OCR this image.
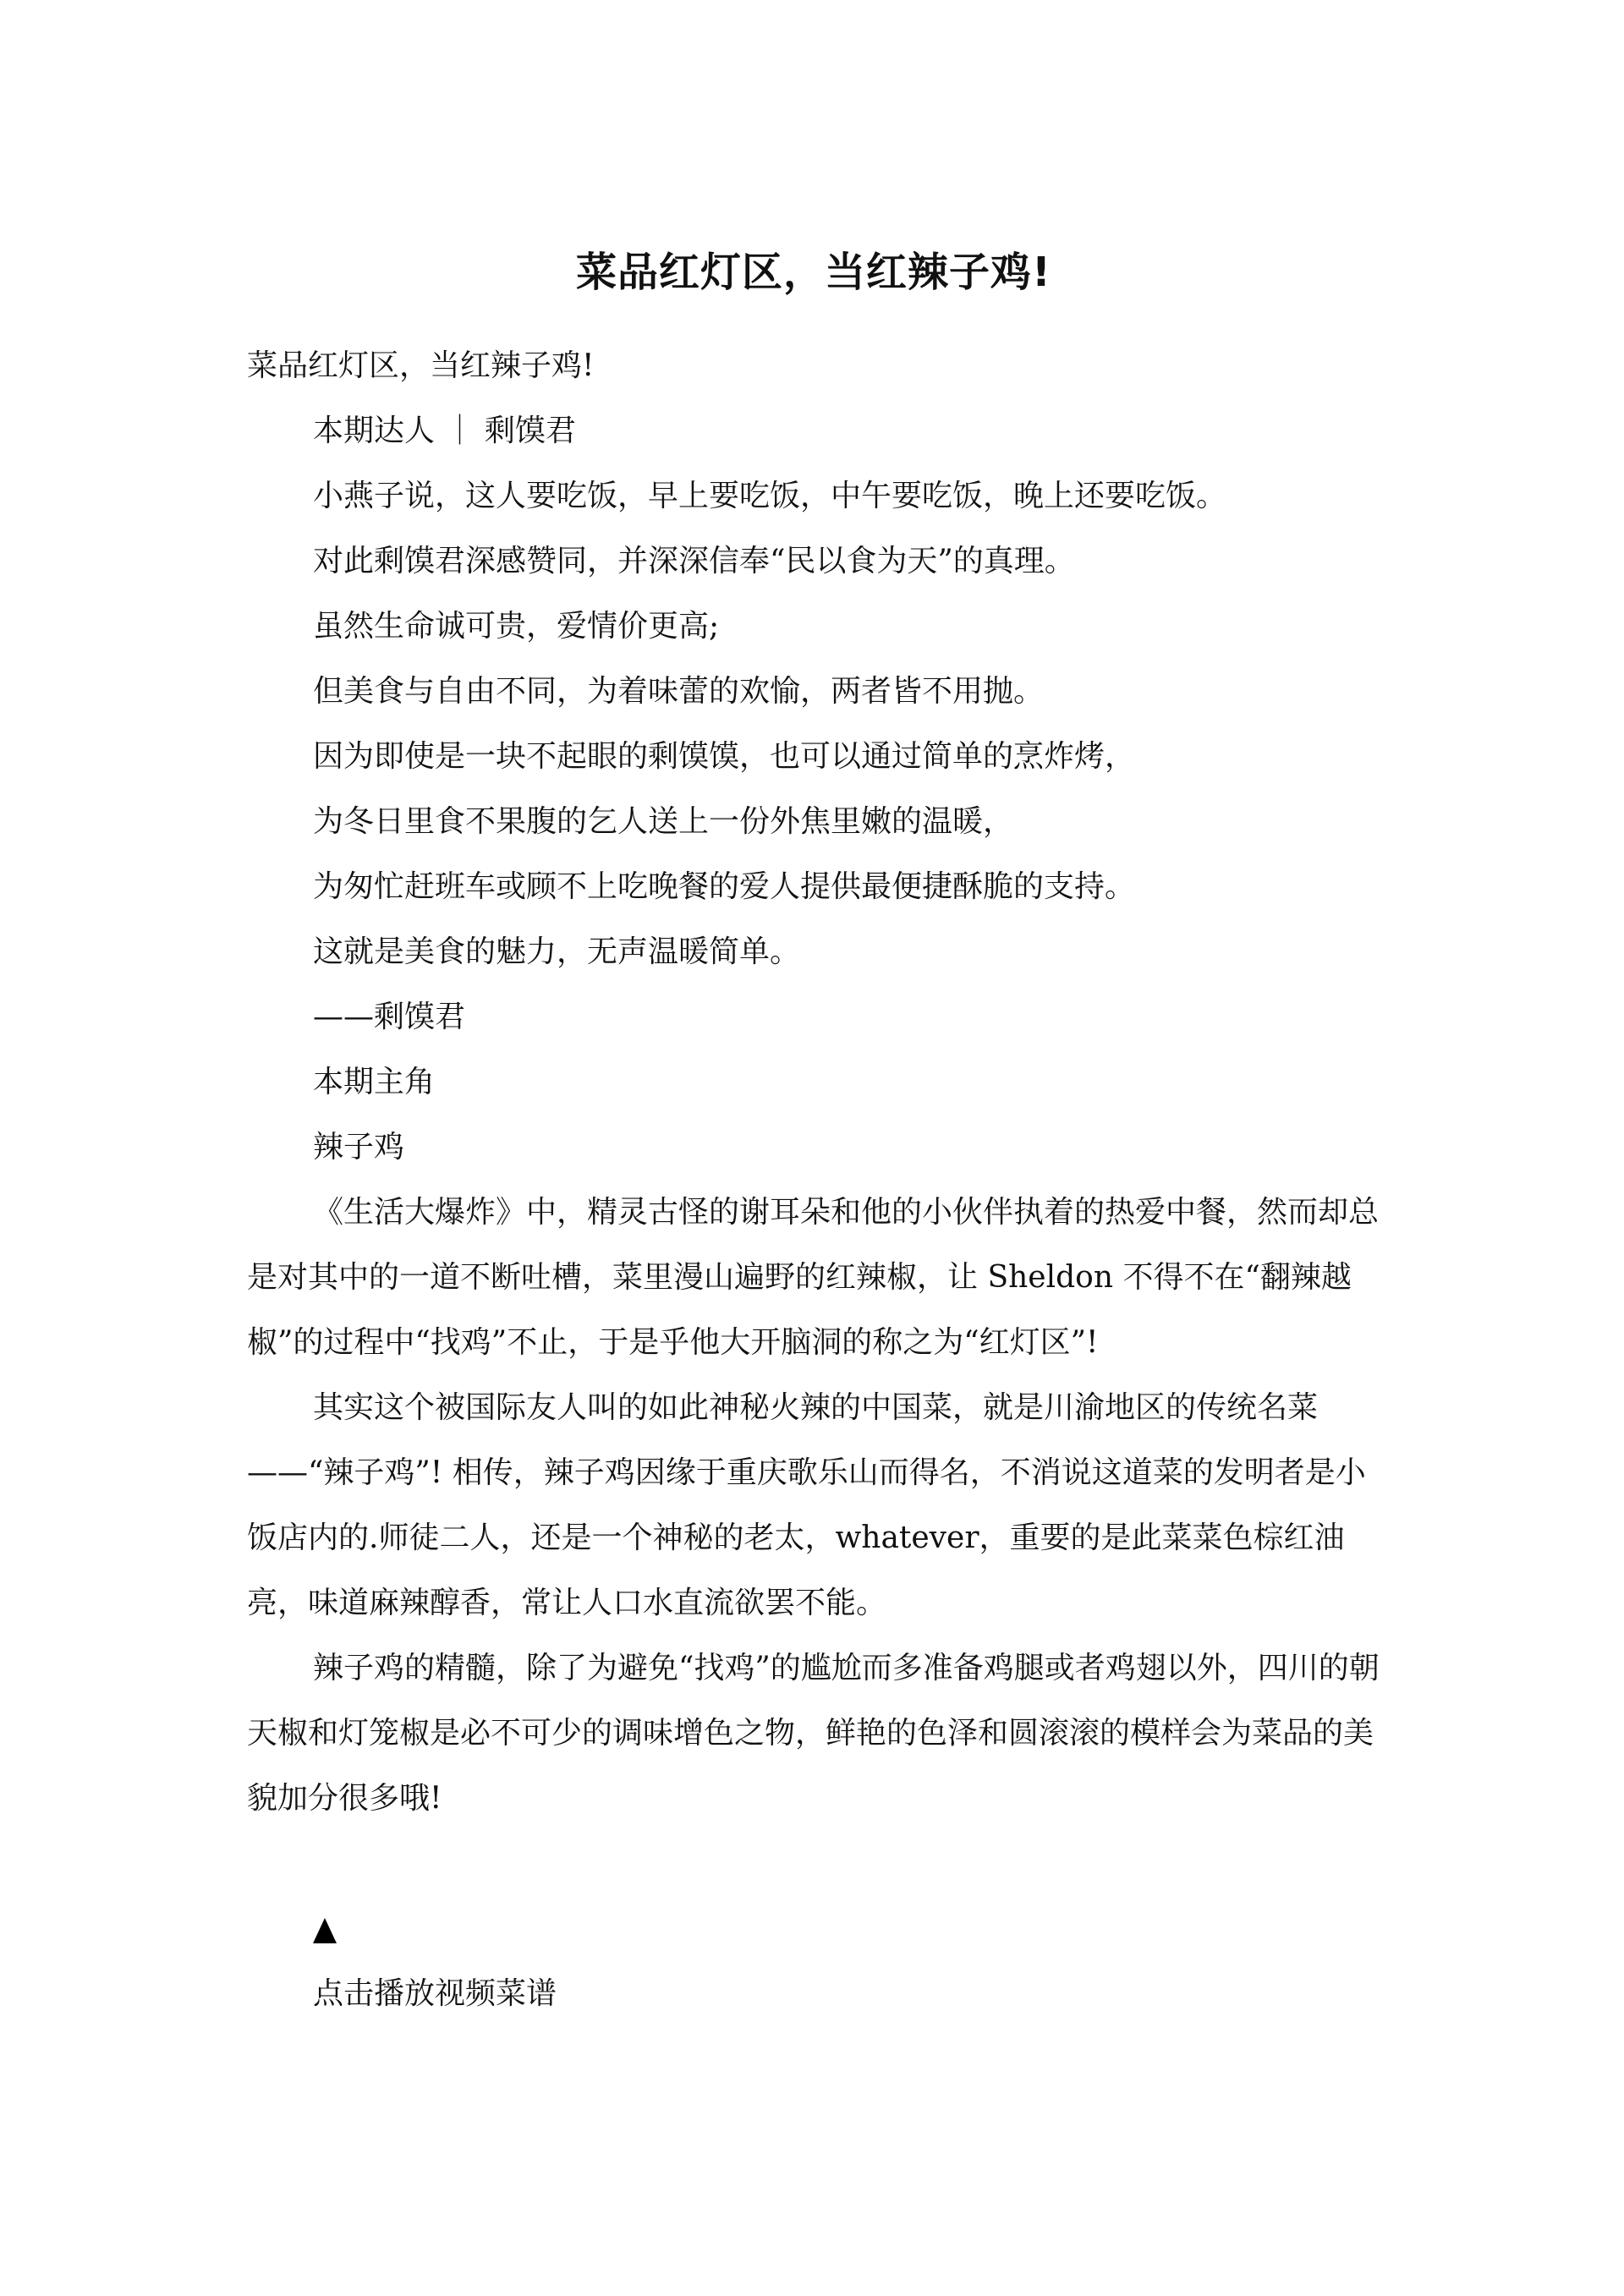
菜品红灯区，当红辣子鸡!

菜品红灯区，当红辣子鸡!

本期达人 ｜ 剩馍君

小燕子说，这人要吃饭，早上要吃饭，中午要吃饭，晚上还要吃饭。

对此剩馍君深感赞同，并深深信奉“民以食为天”的真理。

虽然生命诚可贵，爱情价更高;

但美食与自由不同，为着味蕾的欢愉，两者皆不用抛。

因为即使是一块不起眼的剩馍馍，也可以通过简单的烹炸烤，

为冬日里食不果腹的乞人送上一份外焦里嫩的温暖，

为匆忙赶班车或顾不上吃晚餐的爱人提供最便捷酥脆的支持。

这就是美食的魅力，无声温暖简单。

——剩馍君

本期主角

辣子鸡

《生活大爆炸》中，精灵古怪的谢耳朵和他的小伙伴执着的热爱中餐，然而却总是对其中的一道不断吐槽，菜里漫山遍野的红辣椒，让 Sheldon 不得不在“翻辣越椒”的过程中“找鸡”不止，于是乎他大开脑洞的称之为“红灯区”!

其实这个被国际友人叫的如此神秘火辣的中国菜，就是川渝地区的传统名菜——“辣子鸡”! 相传，辣子鸡因缘于重庆歌乐山而得名，不消说这道菜的发明者是小饭店内的.师徒二人，还是一个神秘的老太，whatever，重要的是此菜菜色棕红油亮，味道麻辣醇香，常让人口水直流欲罢不能。

辣子鸡的精髓，除了为避免“找鸡”的尴尬而多准备鸡腿或者鸡翅以外，四川的朝天椒和灯笼椒是必不可少的调味增色之物，鲜艳的色泽和圆滚滚的模样会为菜品的美貌加分很多哦!

点击播放视频菜谱
